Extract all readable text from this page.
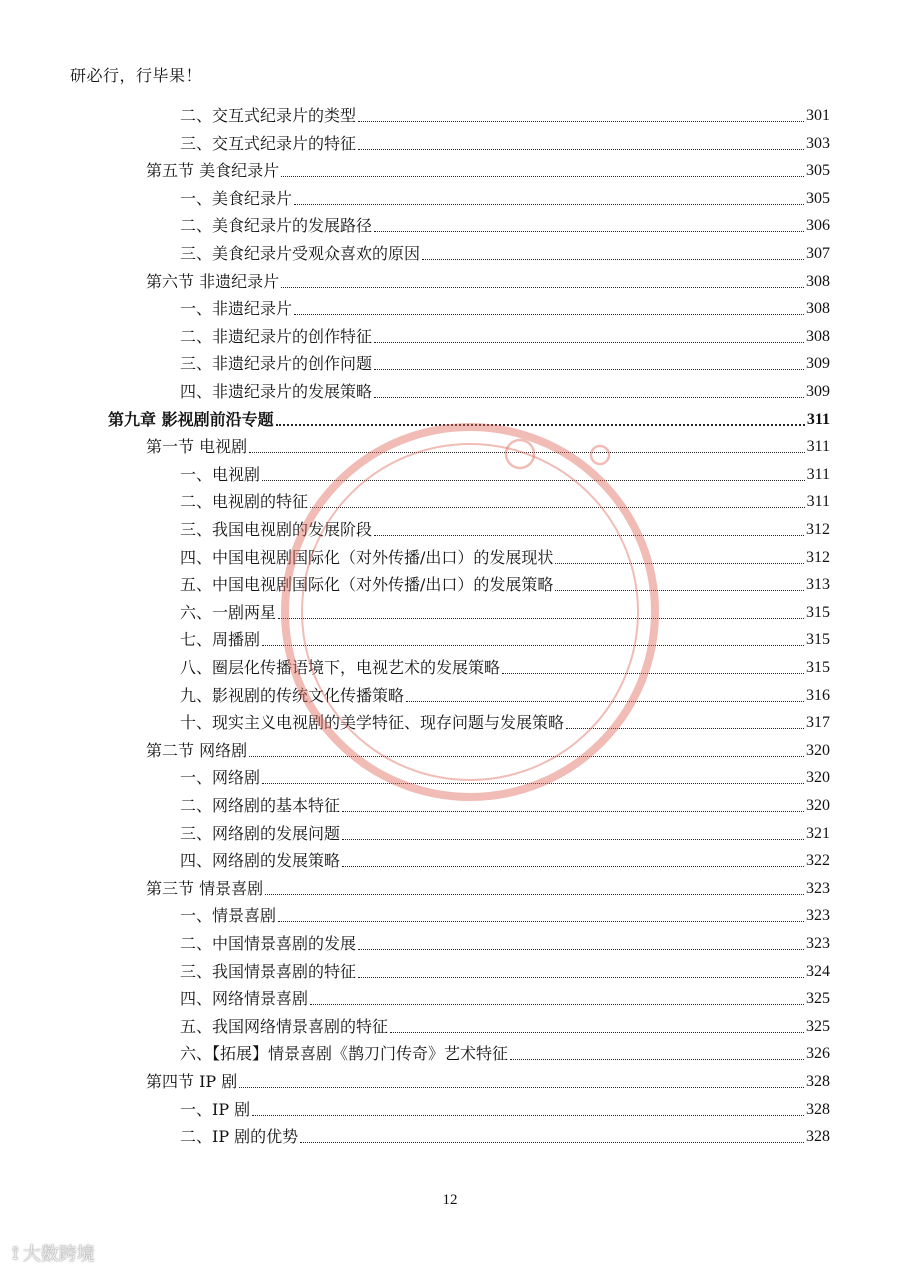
研必行，行毕果！
二、交互式纪录片的类型	301
三、交互式纪录片的特征	303
第五节 美食纪录片	305
一、美食纪录片	305
二、美食纪录片的发展路径	306
三、美食纪录片受观众喜欢的原因	307
第六节 非遗纪录片	308
一、非遗纪录片	308
二、非遗纪录片的创作特征	308
三、非遗纪录片的创作问题	309
四、非遗纪录片的发展策略	309
第九章 影视剧前沿专题	311
第一节 电视剧	311
一、电视剧	311
二、电视剧的特征	311
三、我国电视剧的发展阶段	312
四、中国电视剧国际化（对外传播/出口）的发展现状	312
五、中国电视剧国际化（对外传播/出口）的发展策略	313
六、一剧两星	315
七、周播剧	315
八、圈层化传播语境下，电视艺术的发展策略	315
九、影视剧的传统文化传播策略	316
十、现实主义电视剧的美学特征、现存问题与发展策略	317
第二节 网络剧	320
一、网络剧	320
二、网络剧的基本特征	320
三、网络剧的发展问题	321
四、网络剧的发展策略	322
第三节 情景喜剧	323
一、情景喜剧	323
二、中国情景喜剧的发展	323
三、我国情景喜剧的特征	324
四、网络情景喜剧	325
五、我国网络情景喜剧的特征	325
六、【拓展】情景喜剧《鹊刀门传奇》艺术特征	326
第四节 IP 剧	328
一、IP 剧	328
二、IP 剧的优势	328
12
⟟ 大数跨境
